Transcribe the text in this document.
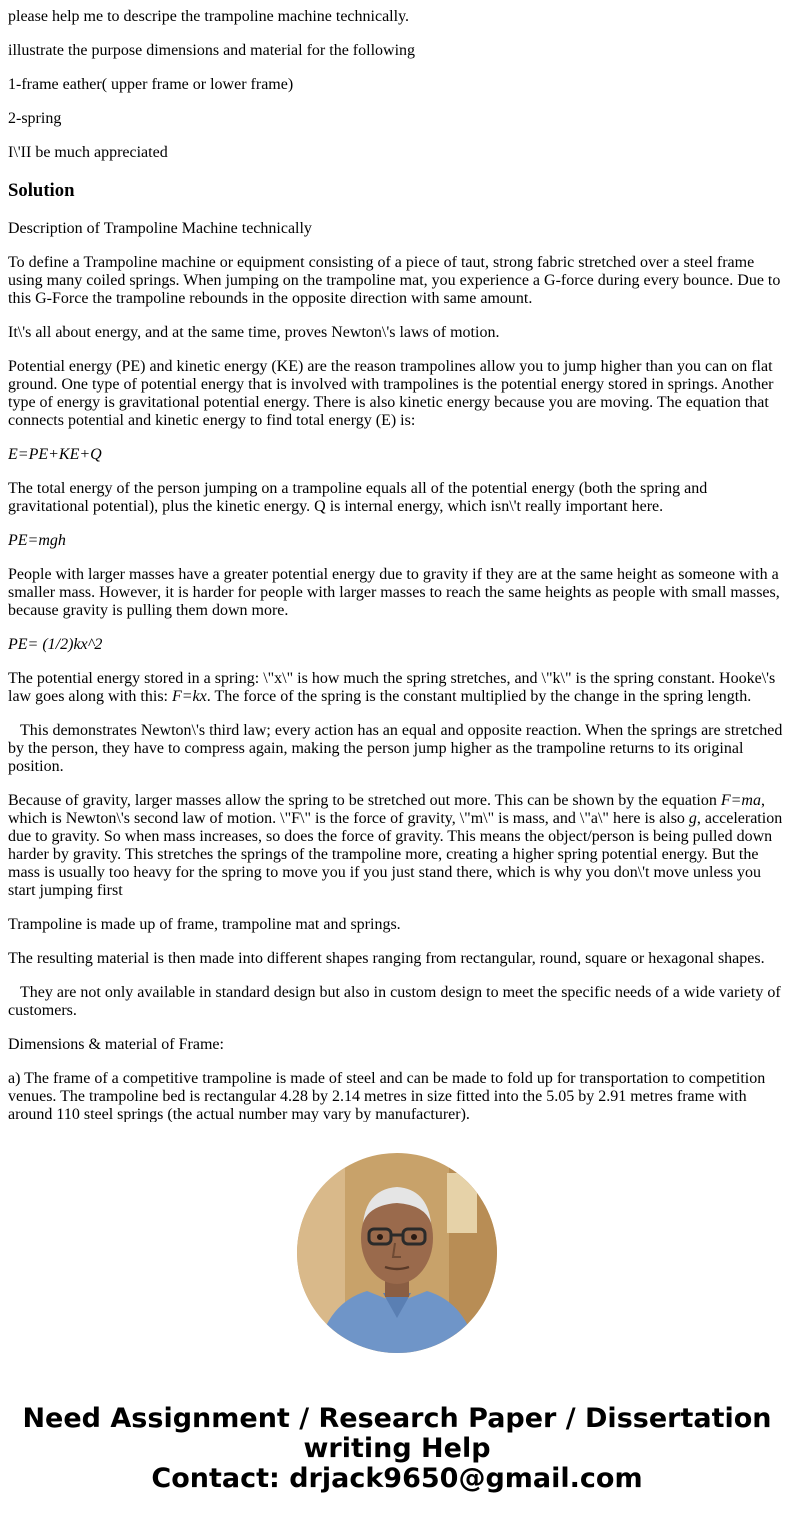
please help me to descripe the trampoline machine technically.

illustrate the purpose dimensions and material for the following

1-frame eather( upper frame or lower frame)

2-spring

I\'II be much appreciated

Solution

Description of Trampoline Machine technically

To define a Trampoline machine or equipment consisting of a piece of taut, strong fabric stretched over a steel frame using many coiled springs. When jumping on the trampoline mat, you experience a G-force during every bounce. Due to this G-Force the trampoline rebounds in the opposite direction with same amount.

It\'s all about energy, and at the same time, proves Newton\'s laws of motion.

Potential energy (PE) and kinetic energy (KE) are the reason trampolines allow you to jump higher than you can on flat ground. One type of potential energy that is involved with trampolines is the potential energy stored in springs. Another type of energy is gravitational potential energy. There is also kinetic energy because you are moving. The equation that connects potential and kinetic energy to find total energy (E) is:

E=PE+KE+Q

The total energy of the person jumping on a trampoline equals all of the potential energy (both the spring and gravitational potential), plus the kinetic energy. Q is internal energy, which isn\'t really important here.

PE=mgh

People with larger masses have a greater potential energy due to gravity if they are at the same height as someone with a smaller mass. However, it is harder for people with larger masses to reach the same heights as people with small masses, because gravity is pulling them down more.

PE= (1/2)kx^2

The potential energy stored in a spring: \"x\" is how much the spring stretches, and \"k\" is the spring constant. Hooke\'s law goes along with this: F=kx. The force of the spring is the constant multiplied by the change in the spring length.

This demonstrates Newton\'s third law; every action has an equal and opposite reaction. When the springs are stretched by the person, they have to compress again, making the person jump higher as the trampoline returns to its original position.

Because of gravity, larger masses allow the spring to be stretched out more. This can be shown by the equation F=ma, which is Newton\'s second law of motion. \"F\" is the force of gravity, \"m\" is mass, and \"a\" here is also g, acceleration due to gravity. So when mass increases, so does the force of gravity. This means the object/person is being pulled down harder by gravity. This stretches the springs of the trampoline more, creating a higher spring potential energy. But the mass is usually too heavy for the spring to move you if you just stand there, which is why you don\'t move unless you start jumping first

Trampoline is made up of frame, trampoline mat and springs.

The resulting material is then made into different shapes ranging from rectangular, round, square or hexagonal shapes.

They are not only available in standard design but also in custom design to meet the specific needs of a wide variety of customers.

Dimensions & material of Frame:

a) The frame of a competitive trampoline is made of steel and can be made to fold up for transportation to competition venues. The trampoline bed is rectangular 4.28 by 2.14 metres in size fitted into the 5.05 by 2.91 metres frame with around 110 steel springs (the actual number may vary by manufacturer).

Need Assignment / Research Paper / Dissertation
writing Help
Contact: drjack9650@gmail.com
